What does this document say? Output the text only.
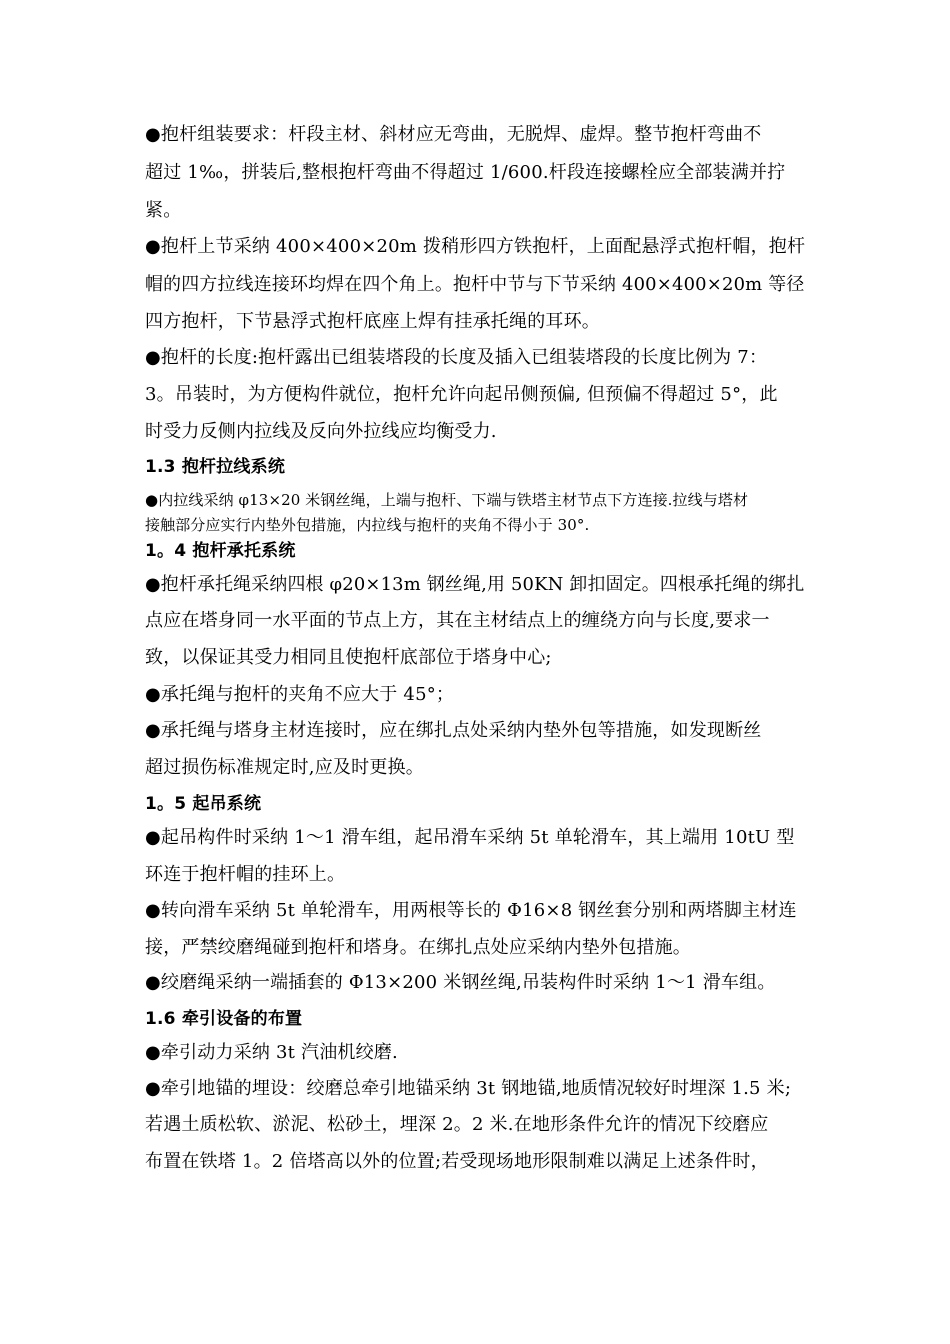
●抱杆组装要求：杆段主材、斜材应无弯曲，无脱焊、虚焊。整节抱杆弯曲不
超过 1‰，拼装后,整根抱杆弯曲不得超过 1/600.杆段连接螺栓应全部装满并拧
紧。
●抱杆上节采纳 400×400×20m 拨稍形四方铁抱杆，上面配悬浮式抱杆帽，抱杆
帽的四方拉线连接环均焊在四个角上。抱杆中节与下节采纳 400×400×20m 等径
四方抱杆，下节悬浮式抱杆底座上焊有挂承托绳的耳环。
●抱杆的长度:抱杆露出已组装塔段的长度及插入已组装塔段的长度比例为 7：
3。吊装时，为方便构件就位，抱杆允许向起吊侧预偏, 但预偏不得超过 5°，此
时受力反侧内拉线及反向外拉线应均衡受力.
1.3 抱杆拉线系统
●内拉线采纳 φ13×20 米钢丝绳，上端与抱杆、下端与铁塔主材节点下方连接.拉线与塔材
接触部分应实行内垫外包措施，内拉线与抱杆的夹角不得小于 30°.
1。4 抱杆承托系统
●抱杆承托绳采纳四根 φ20×13m 钢丝绳,用 50KN 卸扣固定。四根承托绳的绑扎
点应在塔身同一水平面的节点上方，其在主材结点上的缠绕方向与长度,要求一
致，以保证其受力相同且使抱杆底部位于塔身中心;
●承托绳与抱杆的夹角不应大于 45°；
●承托绳与塔身主材连接时，应在绑扎点处采纳内垫外包等措施，如发现断丝
超过损伤标准规定时,应及时更换。
1。5 起吊系统
●起吊构件时采纳 1～1 滑车组，起吊滑车采纳 5t 单轮滑车，其上端用 10tU 型
环连于抱杆帽的挂环上。
●转向滑车采纳 5t 单轮滑车，用两根等长的 Φ16×8 钢丝套分别和两塔脚主材连
接，严禁绞磨绳碰到抱杆和塔身。在绑扎点处应采纳内垫外包措施。
●绞磨绳采纳一端插套的 Φ13×200 米钢丝绳,吊装构件时采纳 1～1 滑车组。
1.6 牵引设备的布置
●牵引动力采纳 3t 汽油机绞磨.
●牵引地锚的埋设：绞磨总牵引地锚采纳 3t 钢地锚,地质情况较好时埋深 1.5 米;
若遇土质松软、淤泥、松砂土，埋深 2。2 米.在地形条件允许的情况下绞磨应
布置在铁塔 1。2 倍塔高以外的位置;若受现场地形限制难以满足上述条件时，
